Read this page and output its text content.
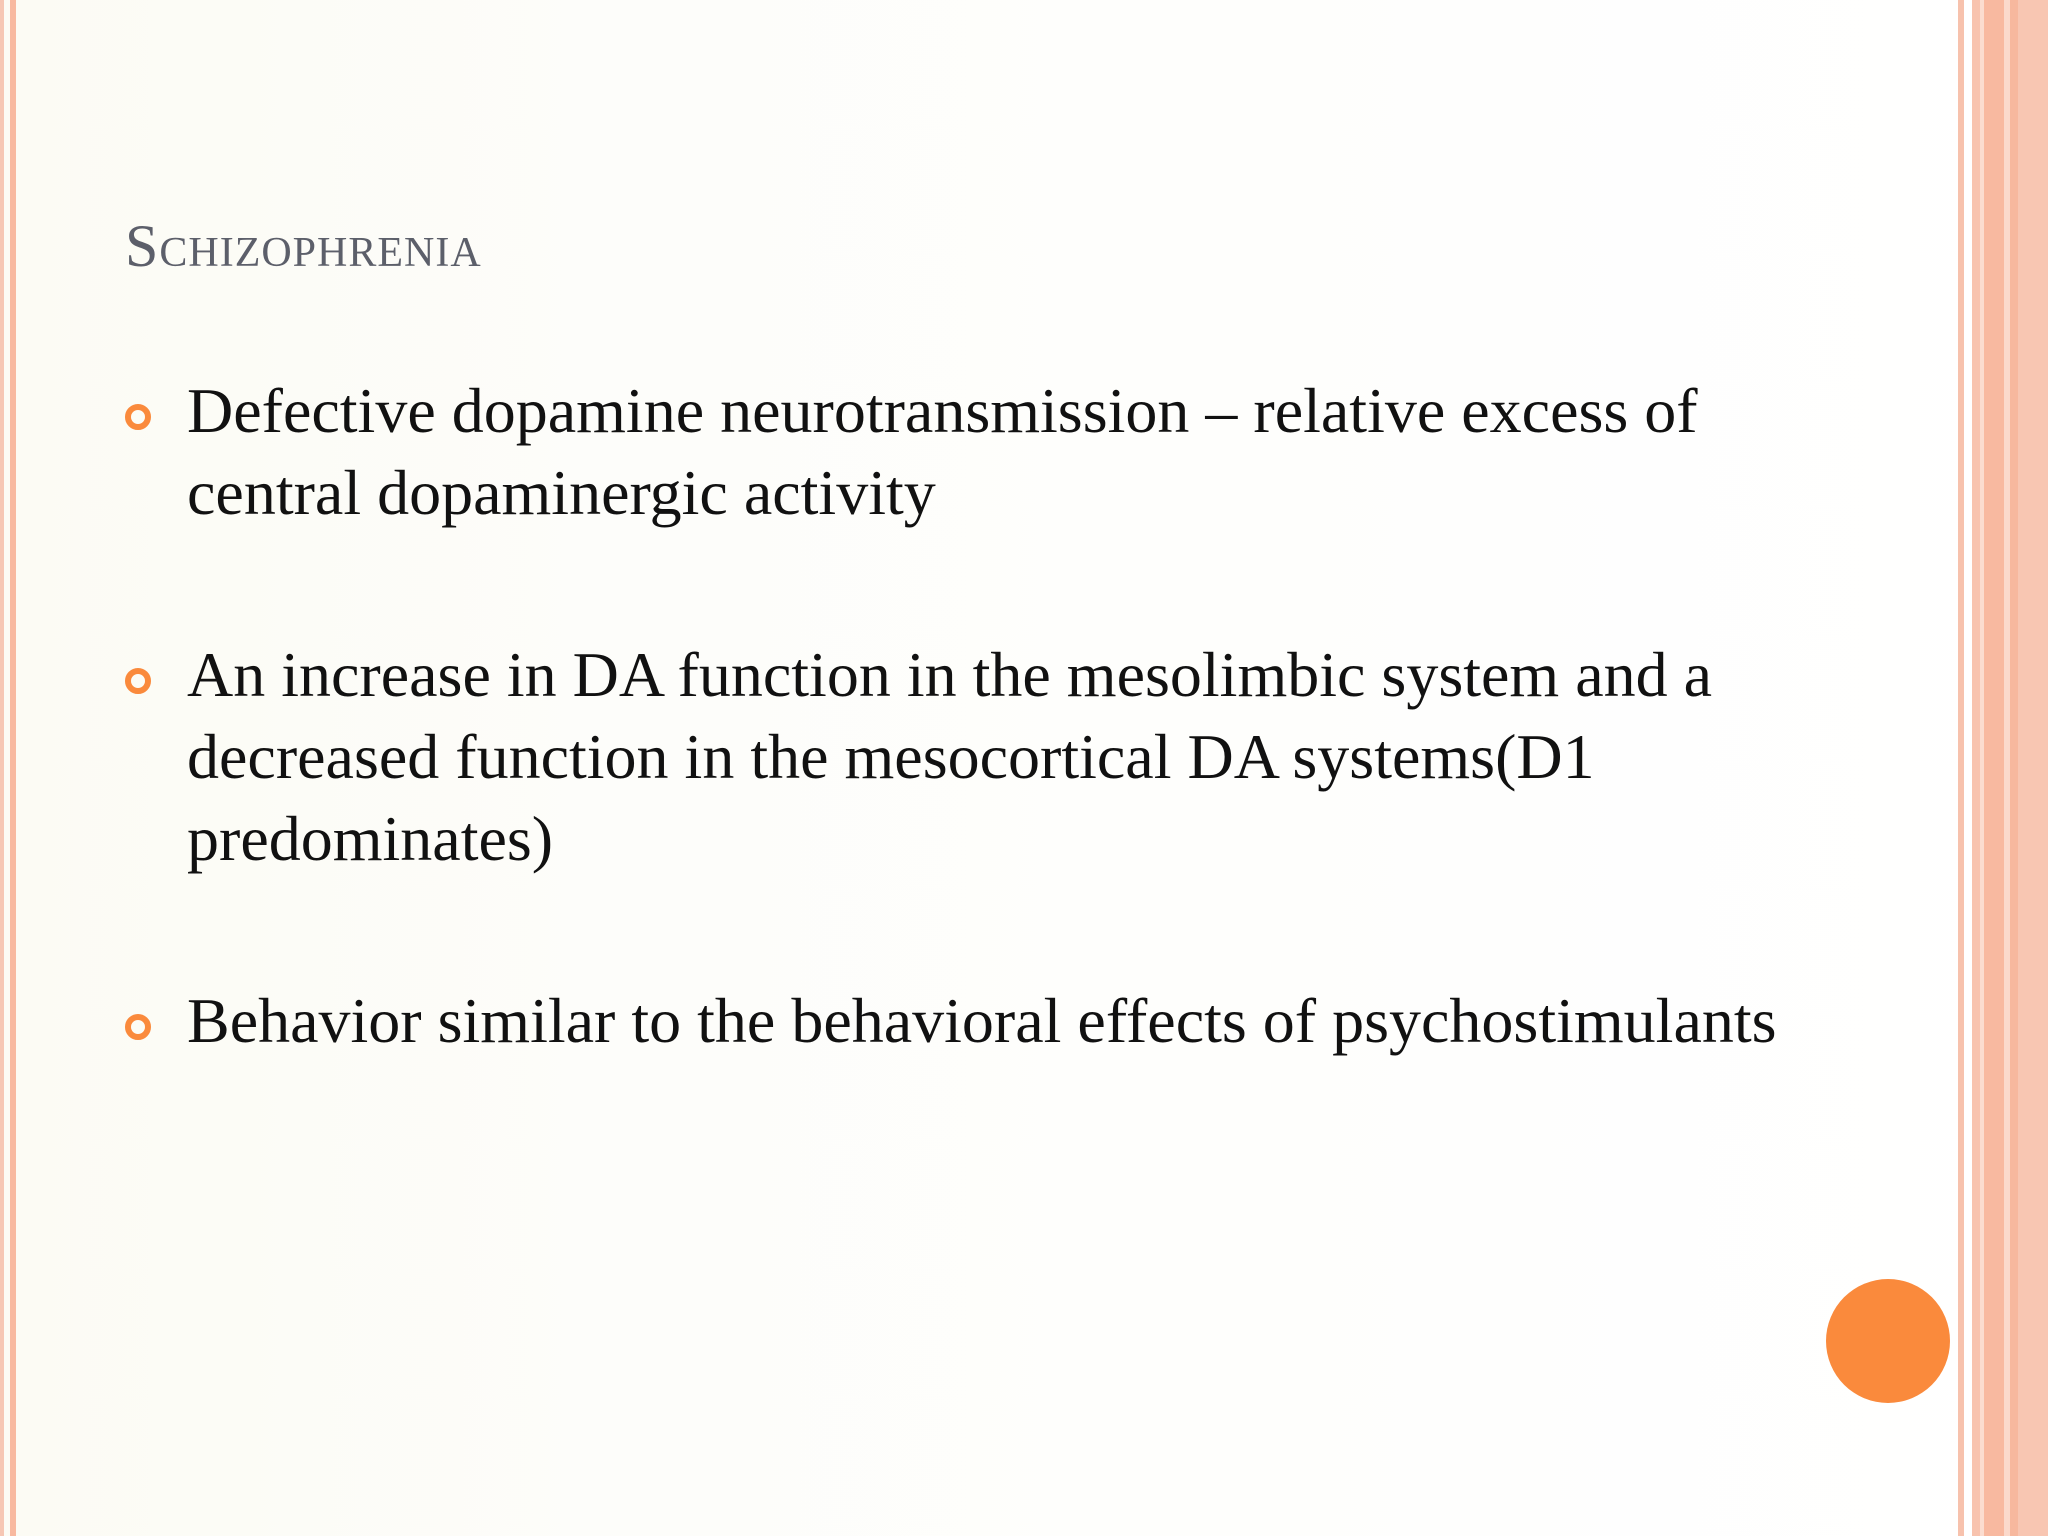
Schizophrenia
Defective dopamine neurotransmission – relative excess of central dopaminergic activity
An increase in DA function in the mesolimbic system and a decreased function in the mesocortical DA systems(D1 predominates)
Behavior similar to the behavioral effects of psychostimulants
